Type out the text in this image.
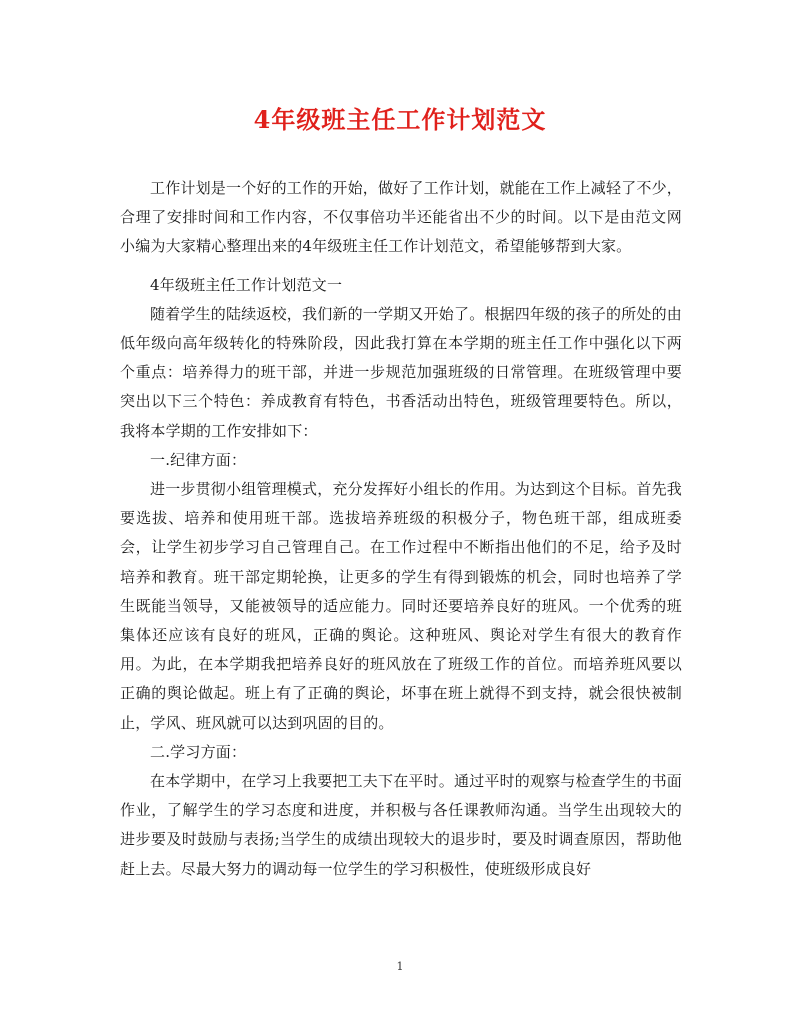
4年级班主任工作计划范文

工作计划是一个好的工作的开始，做好了工作计划，就能在工作上减轻了不少，合理了安排时间和工作内容，不仅事倍功半还能省出不少的时间。以下是由范文网小编为大家精心整理出来的4年级班主任工作计划范文，希望能够帮到大家。

4年级班主任工作计划范文一

随着学生的陆续返校，我们新的一学期又开始了。根据四年级的孩子的所处的由低年级向高年级转化的特殊阶段，因此我打算在本学期的班主任工作中强化以下两个重点：培养得力的班干部，并进一步规范加强班级的日常管理。在班级管理中要突出以下三个特色：养成教育有特色，书香活动出特色，班级管理要特色。所以，我将本学期的工作安排如下：

一.纪律方面：

进一步贯彻小组管理模式，充分发挥好小组长的作用。为达到这个目标。首先我要选拔、培养和使用班干部。选拔培养班级的积极分子，物色班干部，组成班委会，让学生初步学习自己管理自己。在工作过程中不断指出他们的不足，给予及时培养和教育。班干部定期轮换，让更多的学生有得到锻炼的机会，同时也培养了学生既能当领导，又能被领导的适应能力。同时还要培养良好的班风。一个优秀的班集体还应该有良好的班风，正确的舆论。这种班风、舆论对学生有很大的教育作用。为此，在本学期我把培养良好的班风放在了班级工作的首位。而培养班风要以正确的舆论做起。班上有了正确的舆论，坏事在班上就得不到支持，就会很快被制止，学风、班风就可以达到巩固的目的。

二.学习方面：

在本学期中，在学习上我要把工夫下在平时。通过平时的观察与检查学生的书面作业，了解学生的学习态度和进度，并积极与各任课教师沟通。当学生出现较大的进步要及时鼓励与表扬;当学生的成绩出现较大的退步时，要及时调查原因，帮助他赶上去。尽最大努力的调动每一位学生的学习积极性，使班级形成良好

1
